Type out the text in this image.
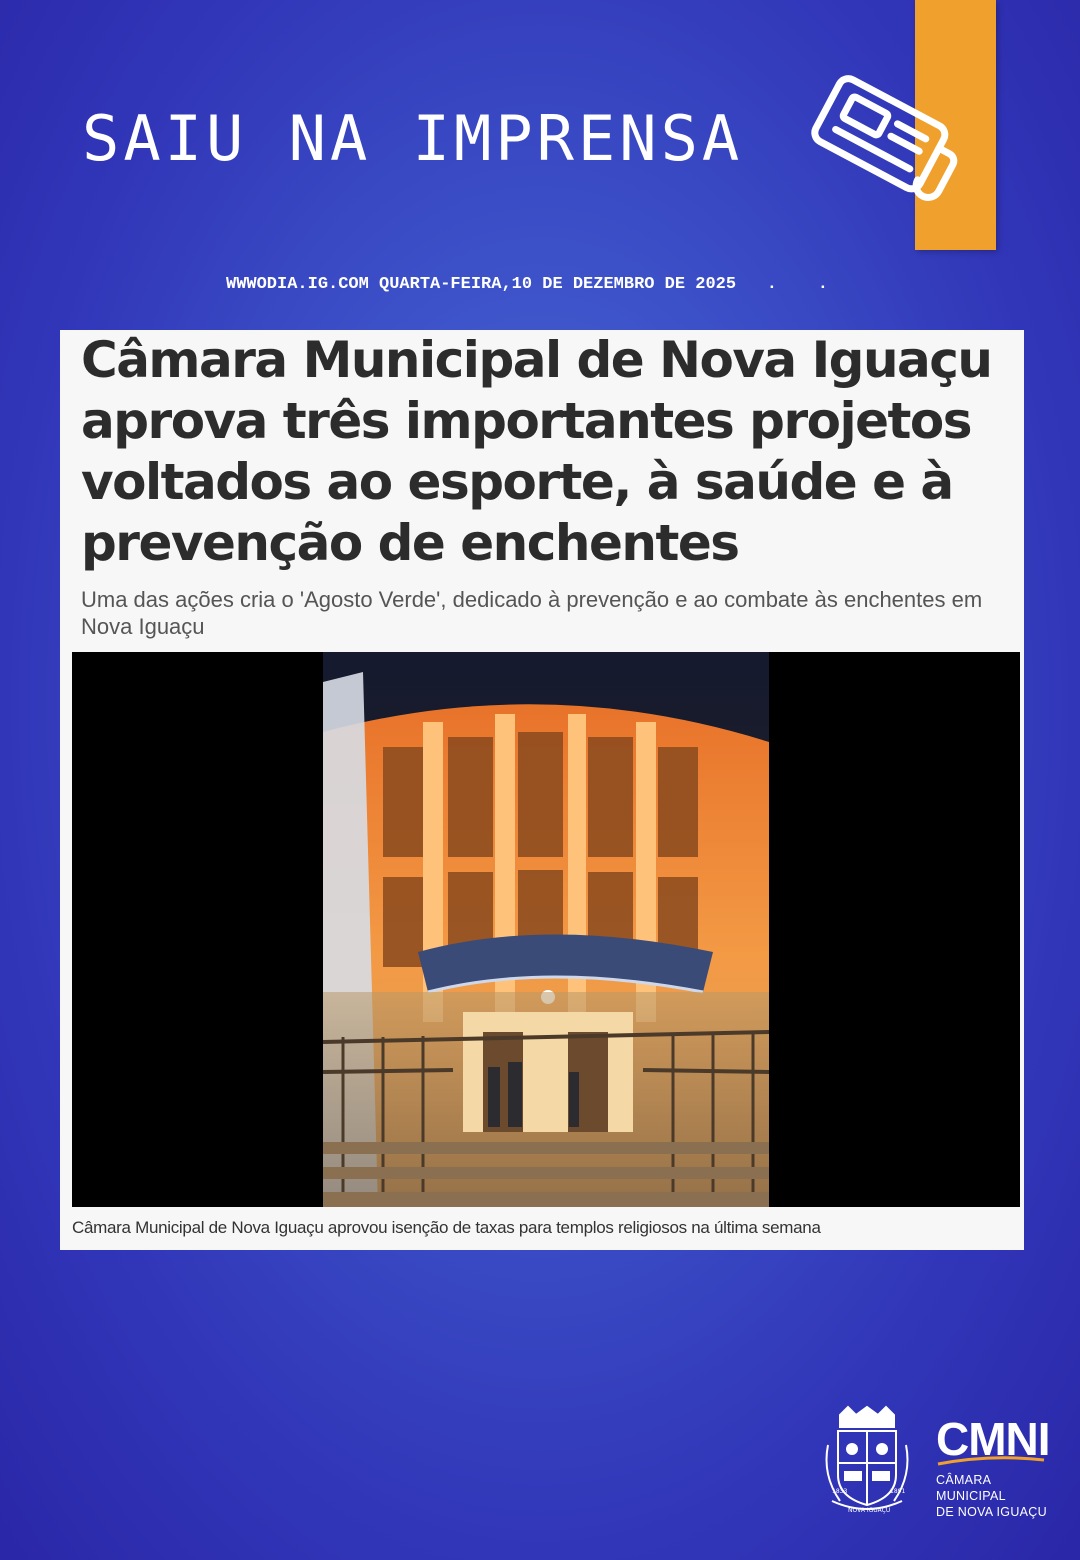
SAIU NA IMPRENSA
WWWODIA.IG.COM QUARTA-FEIRA,10 DE DEZEMBRO DE 2025   .    .
Câmara Municipal de Nova Iguaçu aprova três importantes projetos voltados ao esporte, à saúde e à prevenção de enchentes
Uma das ações cria o 'Agosto Verde', dedicado à prevenção e ao combate às enchentes em Nova Iguaçu
Câmara Municipal de Nova Iguaçu aprovou isenção de taxas para templos religiosos na última semana
1833	1891
NOVA IGUAÇU
CMNI
CÂMARA MUNICIPAL
DE NOVA IGUAÇU
